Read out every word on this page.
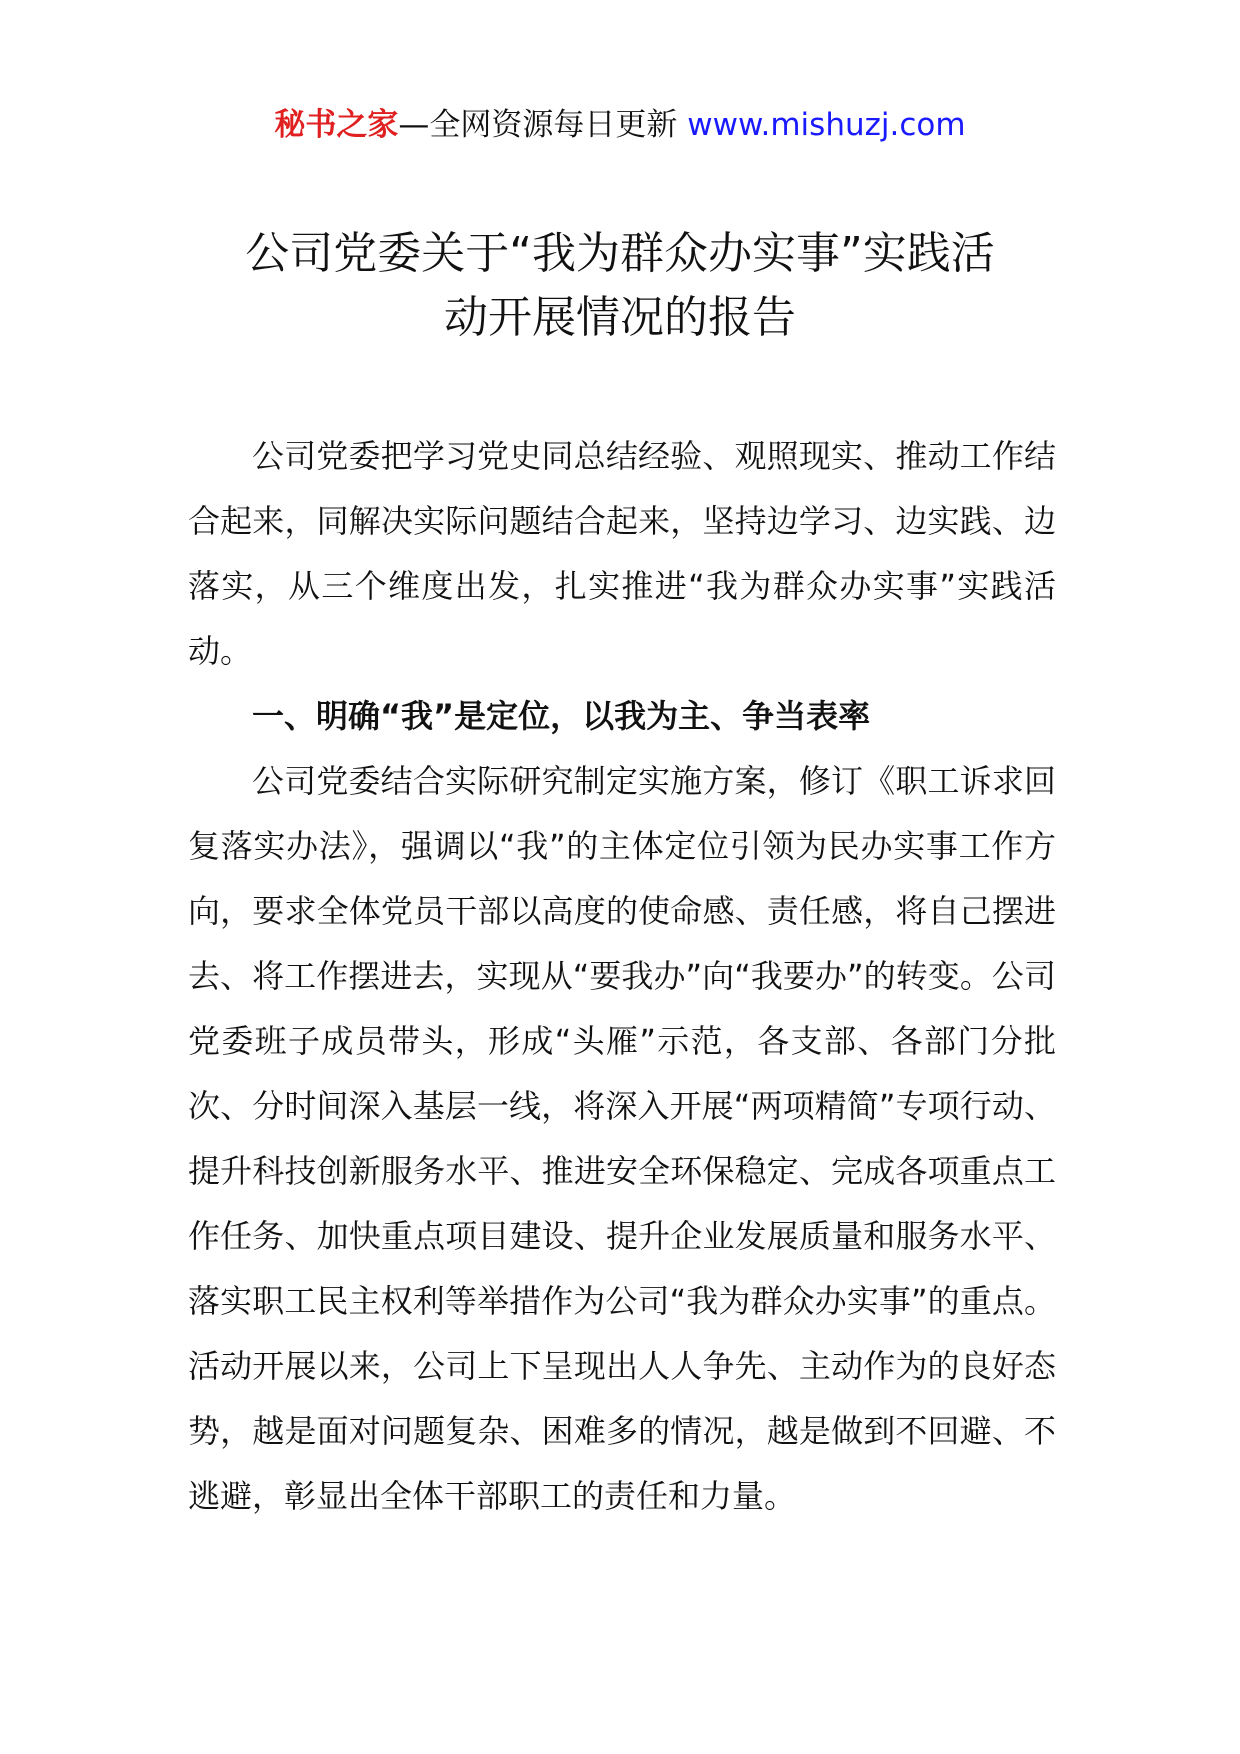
秘书之家—全网资源每日更新 www.mishuzj.com
公司党委关于“我为群众办实事”实践活
动开展情况的报告

公司党委把学习党史同总结经验、观照现实、推动工作结合起来，同解决实际问题结合起来，坚持边学习、边实践、边落实，从三个维度出发，扎实推进“我为群众办实事”实践活动。

一、明确“我”是定位，以我为主、争当表率

公司党委结合实际研究制定实施方案，修订《职工诉求回复落实办法》，强调以“我”的主体定位引领为民办实事工作方向，要求全体党员干部以高度的使命感、责任感，将自己摆进去、将工作摆进去，实现从“要我办”向“我要办”的转变。公司党委班子成员带头，形成“头雁”示范，各支部、各部门分批次、分时间深入基层一线，将深入开展“两项精简”专项行动、提升科技创新服务水平、推进安全环保稳定、完成各项重点工作任务、加快重点项目建设、提升企业发展质量和服务水平、落实职工民主权利等举措作为公司“我为群众办实事”的重点。活动开展以来，公司上下呈现出人人争先、主动作为的良好态势，越是面对问题复杂、困难多的情况，越是做到不回避、不逃避，彰显出全体干部职工的责任和力量。
